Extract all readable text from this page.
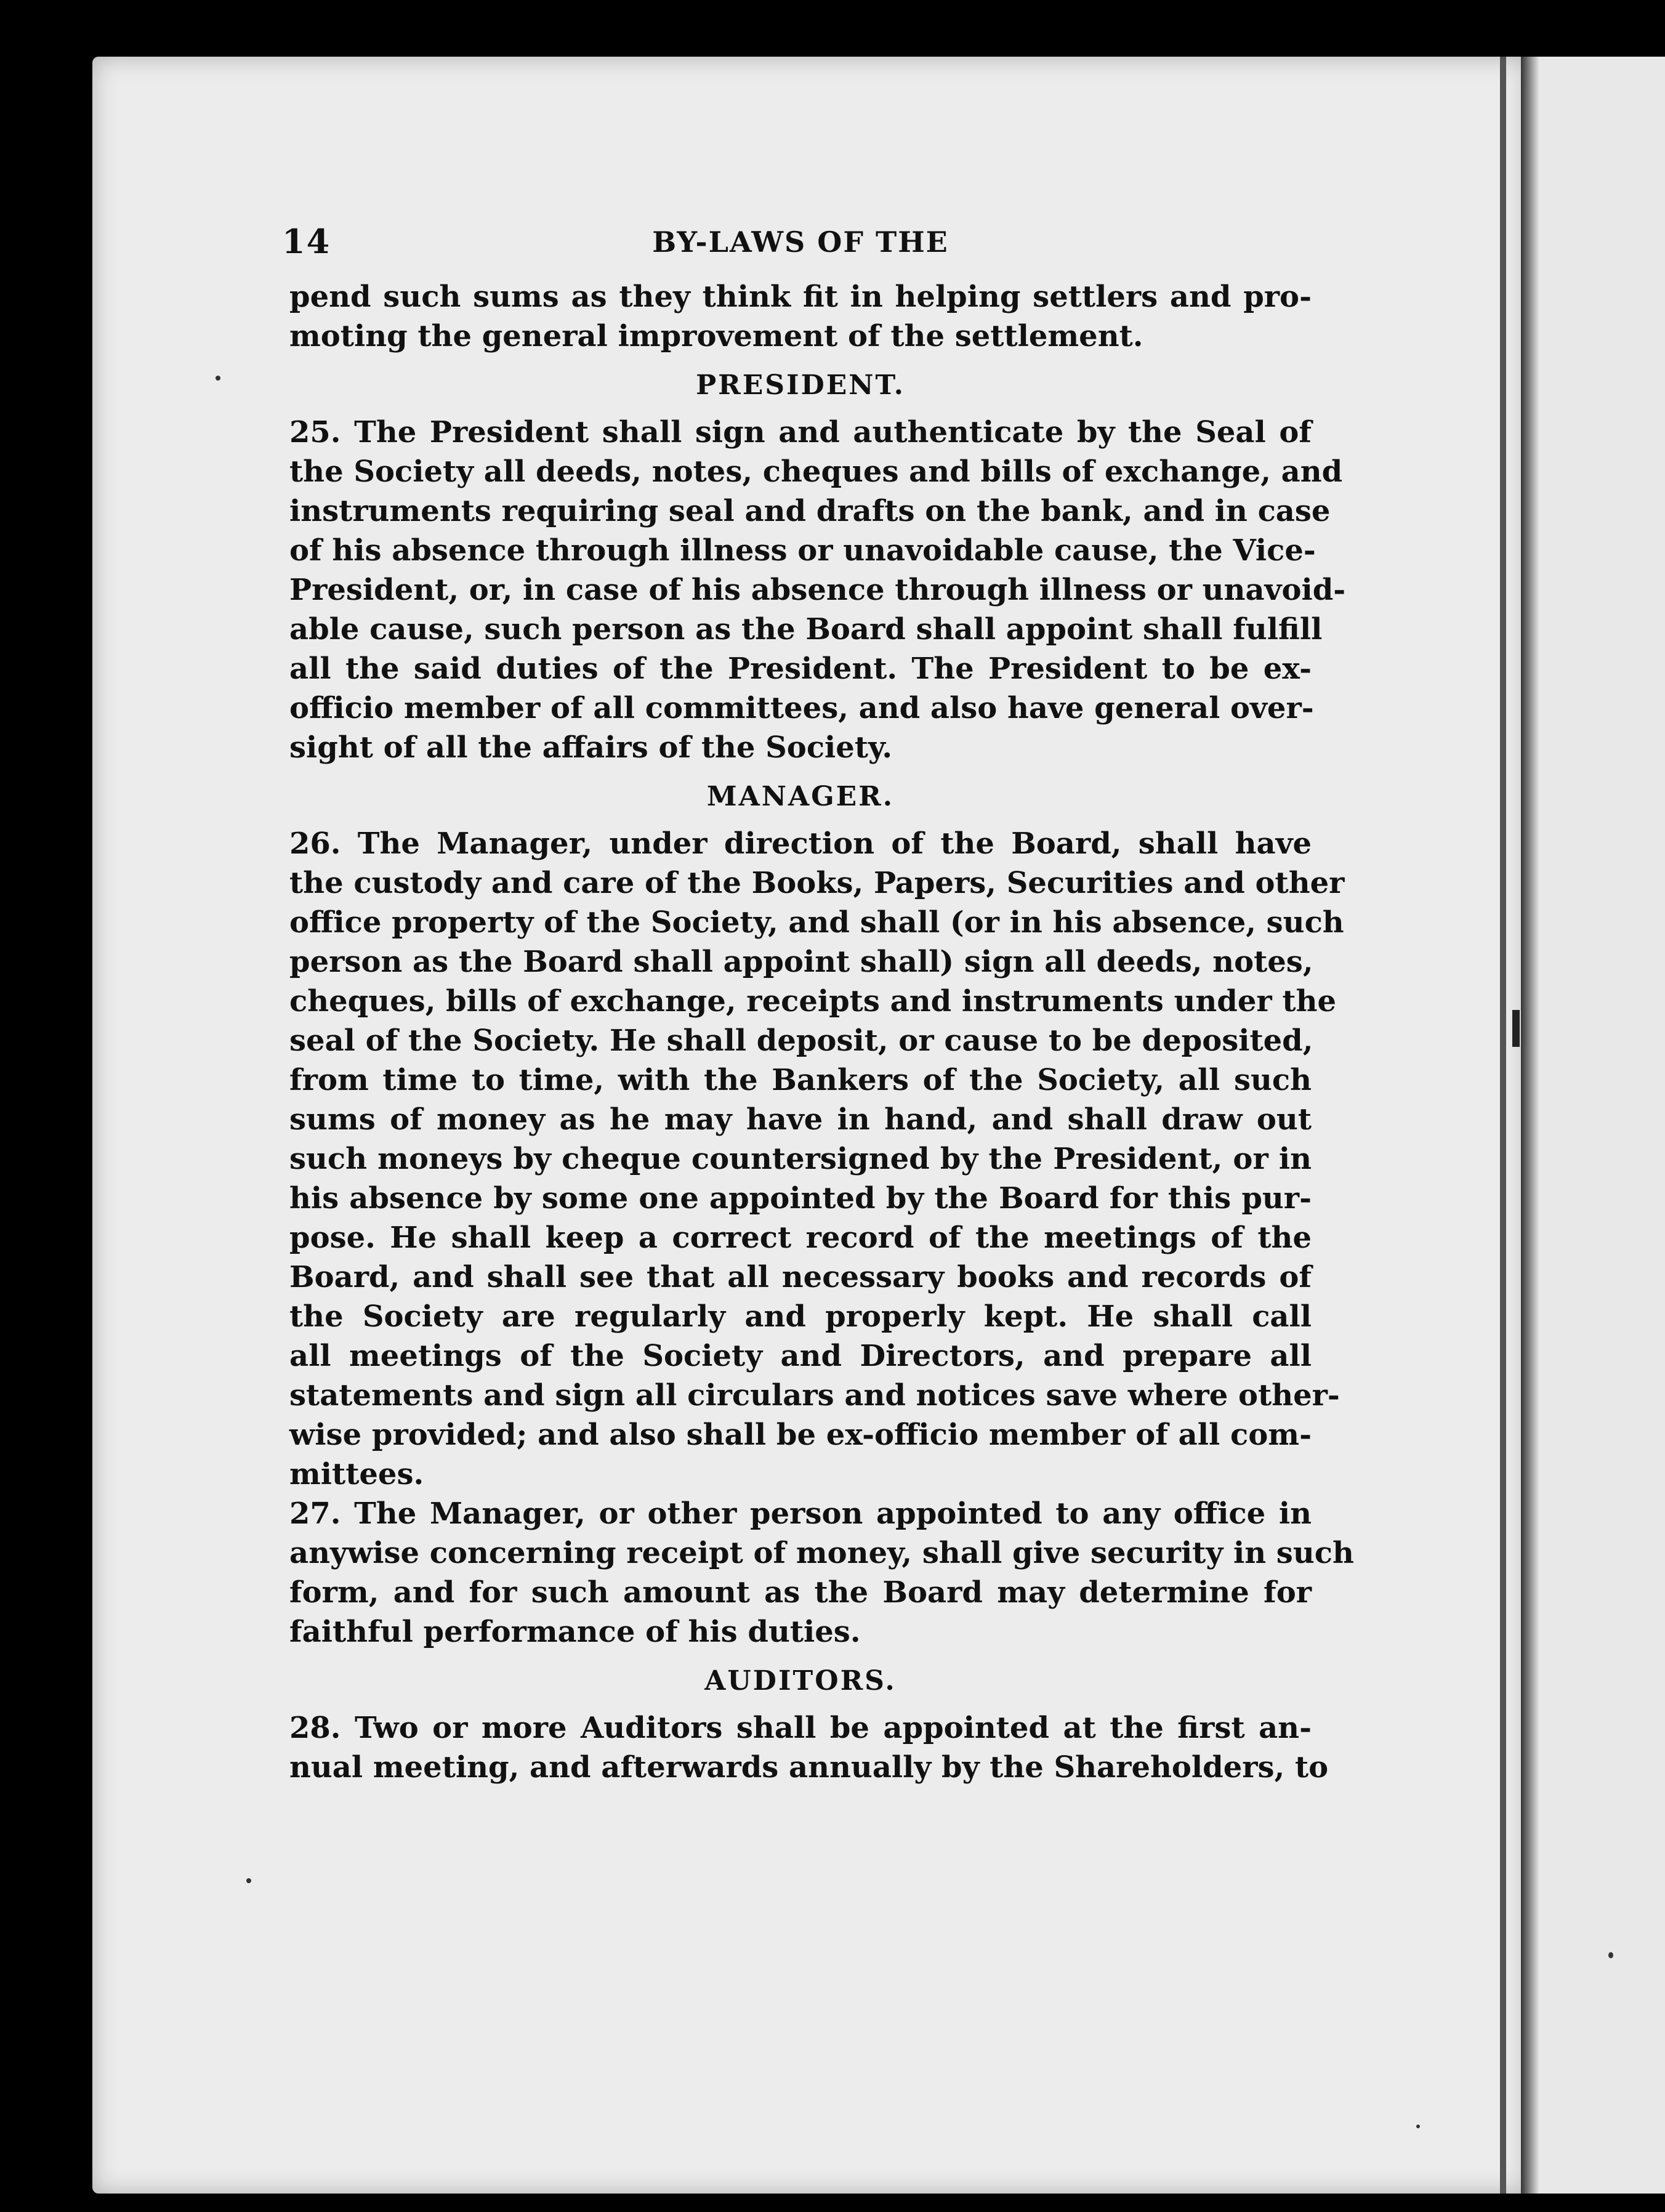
14	BY-LAWS OF THE

pend such sums as they think fit in helping settlers and pro-
moting the general improvement of the settlement.

PRESIDENT.

25. The President shall sign and authenticate by the Seal of
the Society all deeds, notes, cheques and bills of exchange, and
instruments requiring seal and drafts on the bank, and in case
of his absence through illness or unavoidable cause, the Vice-
President, or, in case of his absence through illness or unavoid-
able cause, such person as the Board shall appoint shall fulfill
all the said duties of the President. The President to be ex-
officio member of all committees, and also have general over-
sight of all the affairs of the Society.

MANAGER.

26. The Manager, under direction of the Board, shall have
the custody and care of the Books, Papers, Securities and other
office property of the Society, and shall (or in his absence, such
person as the Board shall appoint shall) sign all deeds, notes,
cheques, bills of exchange, receipts and instruments under the
seal of the Society. He shall deposit, or cause to be deposited,
from time to time, with the Bankers of the Society, all such
sums of money as he may have in hand, and shall draw out
such moneys by cheque countersigned by the President, or in
his absence by some one appointed by the Board for this pur-
pose. He shall keep a correct record of the meetings of the
Board, and shall see that all necessary books and records of
the Society are regularly and properly kept. He shall call
all meetings of the Society and Directors, and prepare all
statements and sign all circulars and notices save where other-
wise provided; and also shall be ex-officio member of all com-
mittees.

27. The Manager, or other person appointed to any office in
anywise concerning receipt of money, shall give security in such
form, and for such amount as the Board may determine for
faithful performance of his duties.

AUDITORS.

28. Two or more Auditors shall be appointed at the first an-
nual meeting, and afterwards annually by the Shareholders, to
